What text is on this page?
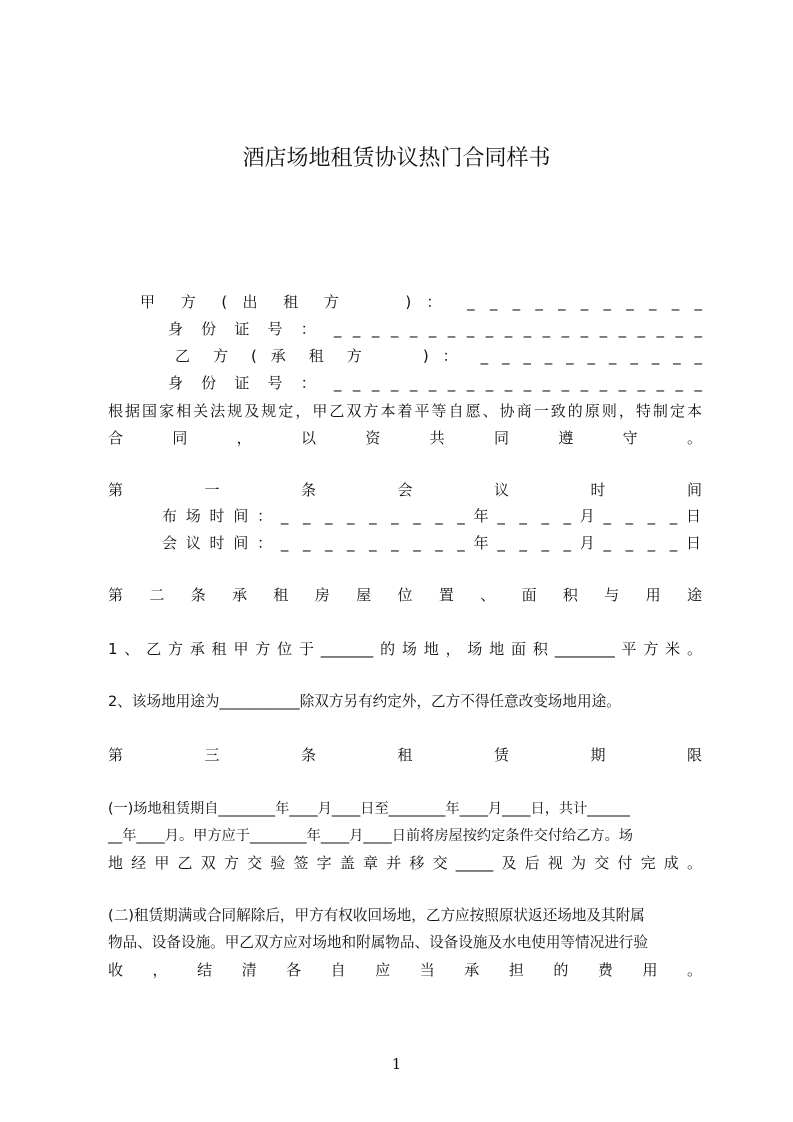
酒店场地租赁协议热门合同样书
甲 方 ( 出 租 方 　 ) ： _ _ _ _ _ _ _ _ _ _ _
身 份 证 号 ： _ _ _ _ _ _ _ _ _ _ _ _ _ _ _ _ _ _ _ _
乙 方 ( 承 租 方 　 ) ： _ _ _ _ _ _ _ _ _ _ _
身 份 证 号 ： _ _ _ _ _ _ _ _ _ _ _ _ _ _ _ _ _ _ _ _
根据国家相关法规及规定，甲乙双方本着平等自愿、协商一致的原则，特制定本
合 同 ， 以 资 共 同 遵 守 。
第 一 条 会 议 时 间
布场时间：_ _ _ _ _ _ _ _ _年_ _ _ _月_ _ _ _日
会议时间：_ _ _ _ _ _ _ _ _年_ _ _ _月_ _ _ _日
第 二 条 承 租 房 屋 位 置 、 面 积 与 用 途
1、乙方承租甲方位于_______的场地，场地面积________平方米。
2、该场地用途为___________除双方另有约定外，乙方不得任意改变场地用途。
第 三 条 租 赁 期 限
(一)场地租赁期自________年____月____日至________年____月____日，共计______
__年____月。甲方应于________年____月____日前将房屋按约定条件交付给乙方。场
地经甲乙双方交验签字盖章并移交_____及后视为交付完成。
(二)租赁期满或合同解除后，甲方有权收回场地，乙方应按照原状返还场地及其附属
物品、设备设施。甲乙双方应对场地和附属物品、设备设施及水电使用等情况进行验
收 ， 结 清 各 自 应 当 承 担 的 费 用 。
1
